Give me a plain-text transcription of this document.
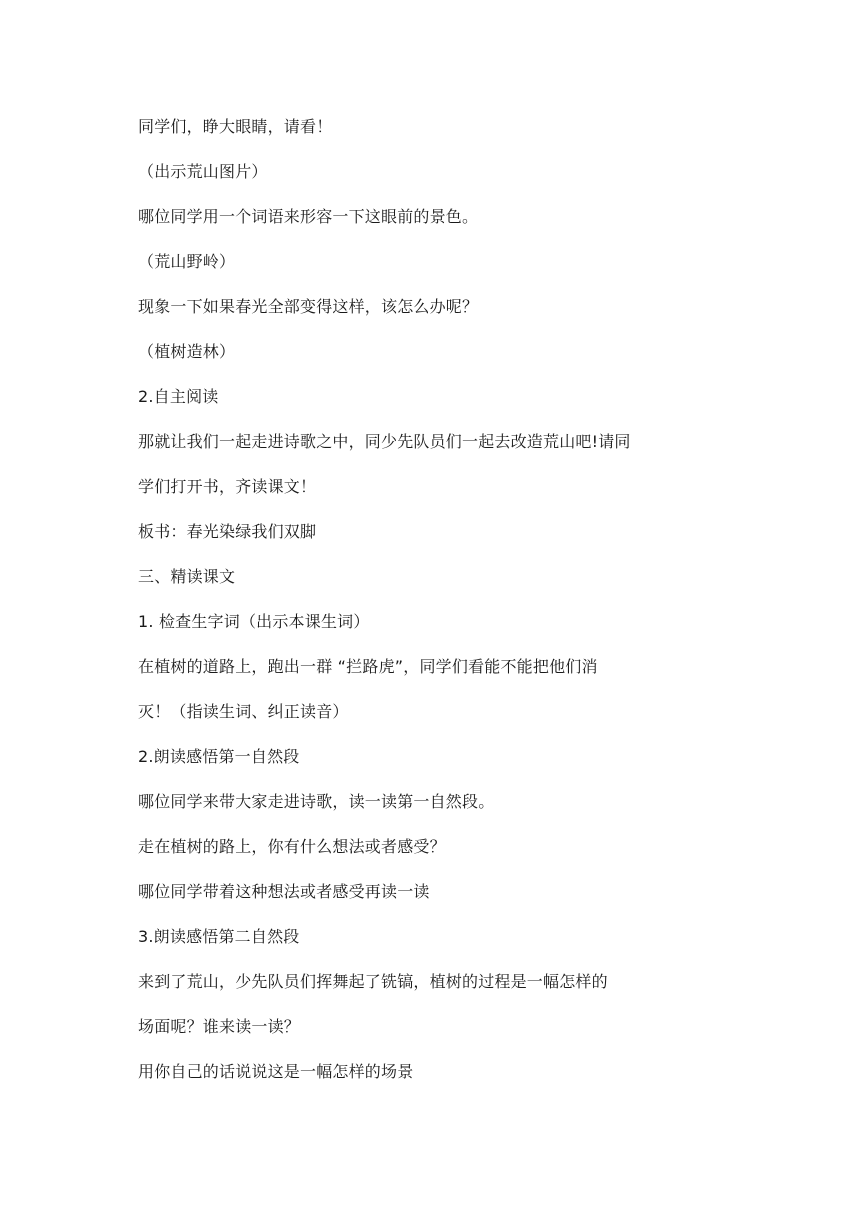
同学们，睁大眼睛，请看！

（出示荒山图片）

哪位同学用一个词语来形容一下这眼前的景色。

（荒山野岭）

现象一下如果春光全部变得这样，该怎么办呢？

（植树造林）

2.自主阅读

那就让我们一起走进诗歌之中，同少先队员们一起去改造荒山吧!请同

学们打开书，齐读课文！

板书：春光染绿我们双脚

三、精读课文

1. 检查生字词（出示本课生词）

在植树的道路上，跑出一群 “拦路虎”，同学们看能不能把他们消

灭！（指读生词、纠正读音）

2.朗读感悟第一自然段

哪位同学来带大家走进诗歌，读一读第一自然段。

走在植树的路上，你有什么想法或者感受？

哪位同学带着这种想法或者感受再读一读

3.朗读感悟第二自然段

来到了荒山，少先队员们挥舞起了铣镐，植树的过程是一幅怎样的

场面呢？谁来读一读？

用你自己的话说说这是一幅怎样的场景
